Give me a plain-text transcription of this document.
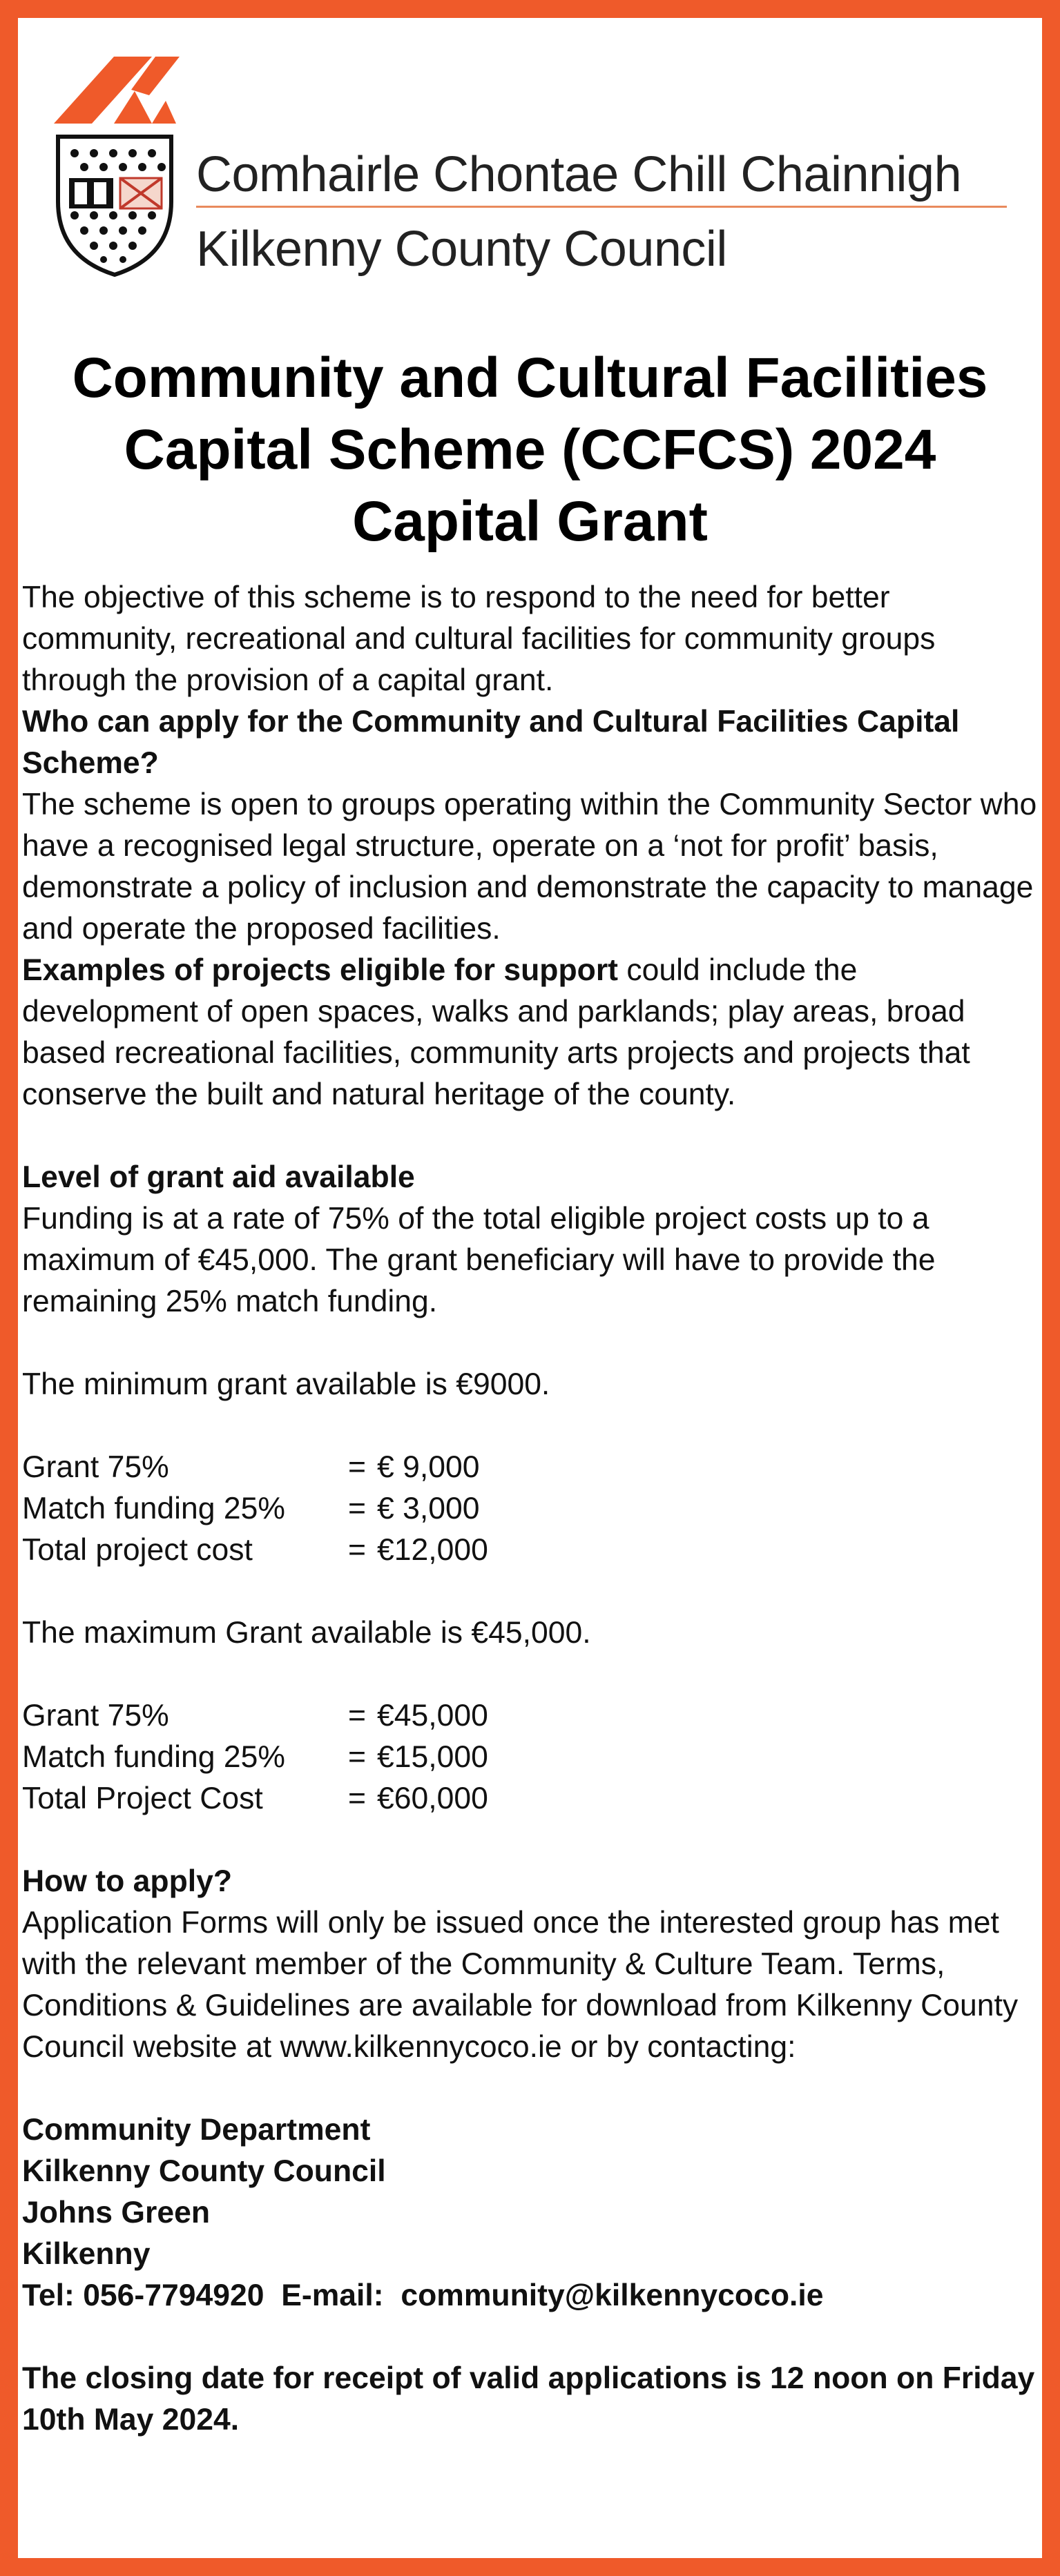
Comhairle Chontae Chill Chainnigh
Kilkenny County Council
Community and Cultural Facilities
Capital Scheme (CCFCS) 2024
Capital Grant

The objective of this scheme is to respond to the need for better community, recreational and cultural facilities for community groups through the provision of a capital grant.

Who can apply for the Community and Cultural Facilities Capital Scheme?

The scheme is open to groups operating within the Community Sector who have a recognised legal structure, operate on a ‘not for profit’ basis, demonstrate a policy of inclusion and demonstrate the capacity to manage and operate the proposed facilities.

Examples of projects eligible for support could include the development of open spaces, walks and parklands; play areas, broad based recreational facilities, community arts projects and projects that conserve the built and natural heritage of the county.

Level of grant aid available

Funding is at a rate of 75% of the total eligible project costs up to a maximum of €45,000. The grant beneficiary will have to provide the remaining 25% match funding.

The minimum grant available is €9000.

Grant 75%	=	€ 9,000
Match funding 25%	=	€ 3,000
Total project cost	=	€12,000

The maximum Grant available is €45,000.

Grant 75%	=	€45,000
Match funding 25%	=	€15,000
Total Project Cost	=	€60,000

How to apply?

Application Forms will only be issued once the interested group has met with the relevant member of the Community & Culture Team. Terms, Conditions & Guidelines are available for download from Kilkenny County Council website at www.kilkennycoco.ie or by contacting:

Community Department

Kilkenny County Council

Johns Green

Kilkenny

Tel: 056-7794920 E-mail: community@kilkennycoco.ie

The closing date for receipt of valid applications is 12 noon on Friday 10th May 2024.
